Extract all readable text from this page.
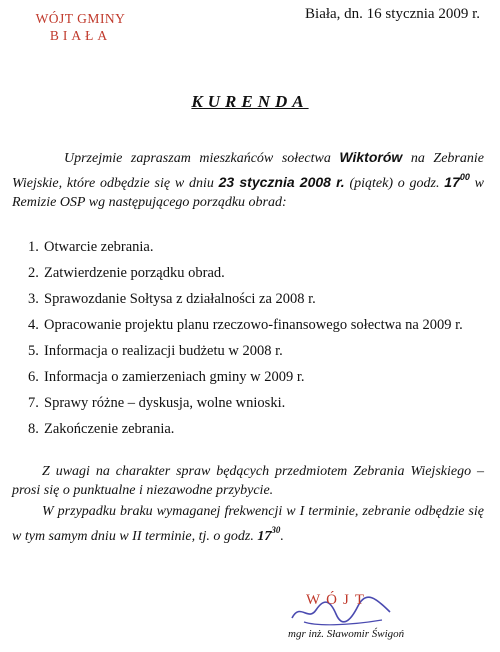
WÓJT GMINY
BIAŁA
Biała, dn. 16 stycznia 2009 r.
KURENDA

Uprzejmie zapraszam mieszkańców sołectwa Wiktorów na Zebranie Wiejskie, które odbędzie się w dniu 23 stycznia 2008 r. (piątek) o godz. $17^{00}$ w Remizie OSP wg następującego porządku obrad:

1. Otwarcie zebrania.
2. Zatwierdzenie porządku obrad.
3. Sprawozdanie Sołtysa z działalności za 2008 r.
4. Opracowanie projektu planu rzeczowo-finansowego sołectwa na 2009 r.
5. Informacja o realizacji budżetu w 2008 r.
6. Informacja o zamierzeniach gminy w 2009 r.
7. Sprawy różne – dyskusja, wolne wnioski.
8. Zakończenie zebrania.

Z uwagi na charakter spraw będących przedmiotem Zebrania Wiejskiego – prosi się o punktualne i niezawodne przybycie.

W przypadku braku wymaganej frekwencji w I terminie, zebranie odbędzie się w tym samym dniu w II terminie, tj. o godz. $17^{30}$.

WÓJT
mgr inż. Sławomir Świgoń
